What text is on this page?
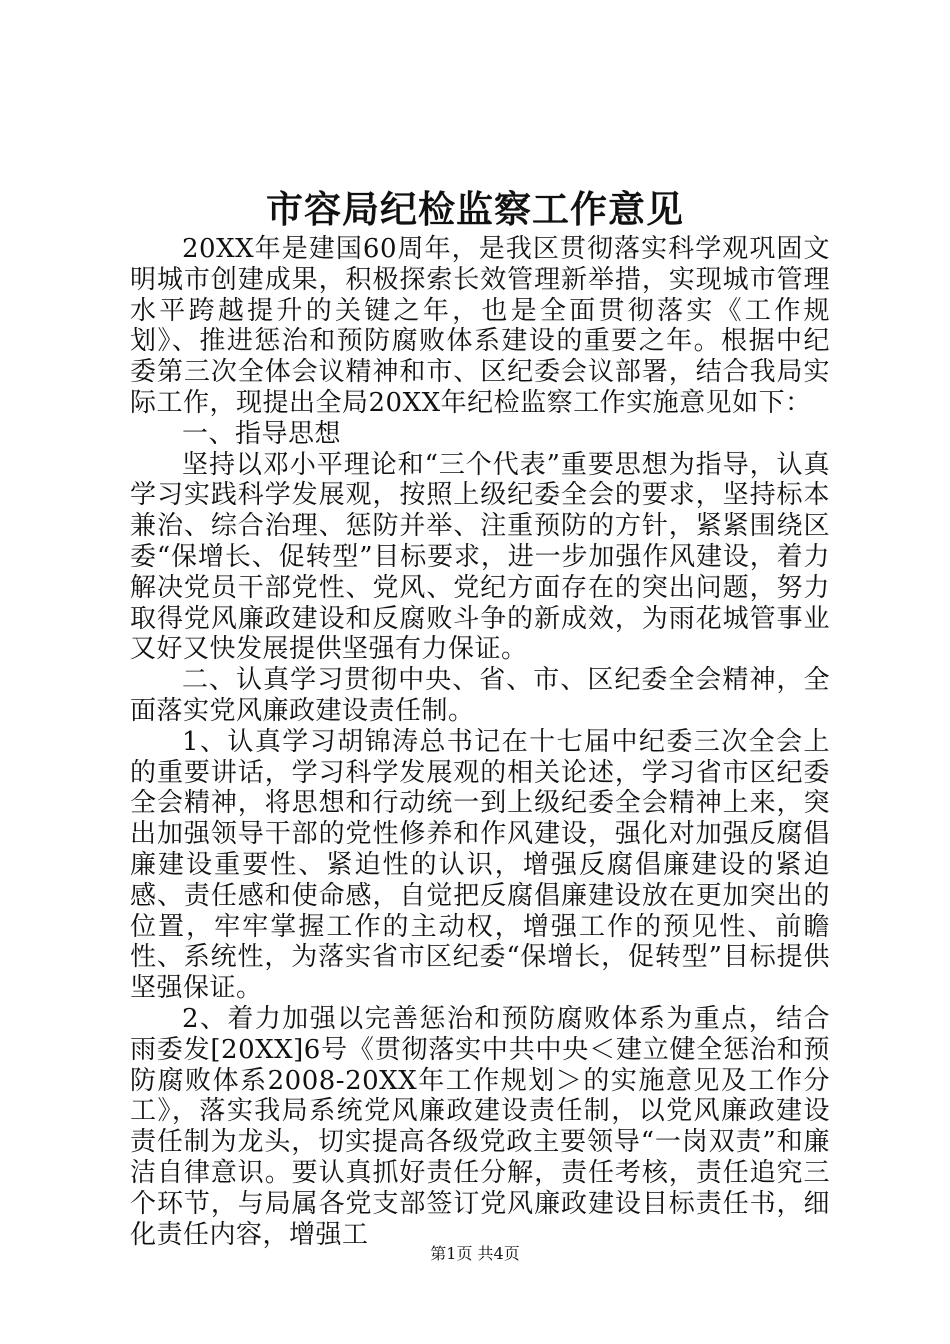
市容局纪检监察工作意见

20XX年是建国60周年，是我区贯彻落实科学观巩固文明城市创建成果，积极探索长效管理新举措，实现城市管理水平跨越提升的关键之年，也是全面贯彻落实《工作规划》、推进惩治和预防腐败体系建设的重要之年。根据中纪委第三次全体会议精神和市、区纪委会议部署，结合我局实际工作，现提出全局20XX年纪检监察工作实施意见如下：

一、指导思想

坚持以邓小平理论和“三个代表”重要思想为指导，认真学习实践科学发展观，按照上级纪委全会的要求，坚持标本兼治、综合治理、惩防并举、注重预防的方针，紧紧围绕区委“保增长、促转型”目标要求，进一步加强作风建设，着力解决党员干部党性、党风、党纪方面存在的突出问题，努力取得党风廉政建设和反腐败斗争的新成效，为雨花城管事业又好又快发展提供坚强有力保证。

二、认真学习贯彻中央、省、市、区纪委全会精神，全面落实党风廉政建设责任制。

1、认真学习胡锦涛总书记在十七届中纪委三次全会上的重要讲话，学习科学发展观的相关论述，学习省市区纪委全会精神，将思想和行动统一到上级纪委全会精神上来，突出加强领导干部的党性修养和作风建设，强化对加强反腐倡廉建设重要性、紧迫性的认识，增强反腐倡廉建设的紧迫感、责任感和使命感，自觉把反腐倡廉建设放在更加突出的位置，牢牢掌握工作的主动权，增强工作的预见性、前瞻性、系统性，为落实省市区纪委“保增长，促转型”目标提供坚强保证。

2、着力加强以完善惩治和预防腐败体系为重点，结合雨委发[20XX]6号《贯彻落实中共中央＜建立健全惩治和预防腐败体系2008-20XX年工作规划＞的实施意见及工作分工》，落实我局系统党风廉政建设责任制，以党风廉政建设责任制为龙头，切实提高各级党政主要领导“一岗双责”和廉洁自律意识。要认真抓好责任分解，责任考核，责任追究三个环节，与局属各党支部签订党风廉政建设目标责任书，细化责任内容，增强工

第1页 共4页
